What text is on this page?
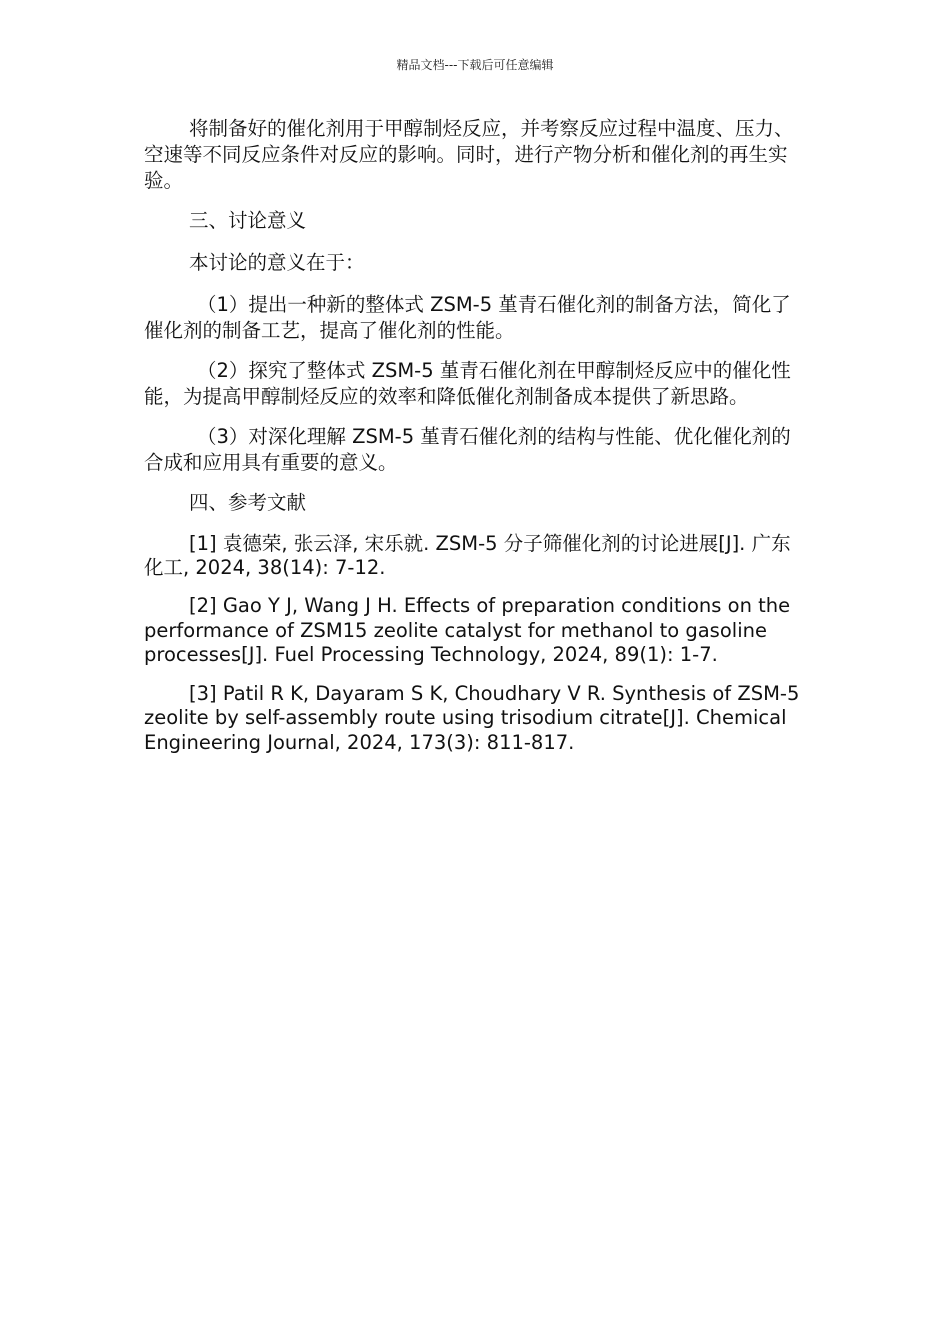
精品文档---下载后可任意编辑

将制备好的催化剂用于甲醇制烃反应，并考察反应过程中温度、压力、空速等不同反应条件对反应的影响。同时，进行产物分析和催化剂的再生实验。

三、讨论意义

本讨论的意义在于：

（1）提出一种新的整体式 ZSM-5 堇青石催化剂的制备方法，简化了催化剂的制备工艺，提高了催化剂的性能。

（2）探究了整体式 ZSM-5 堇青石催化剂在甲醇制烃反应中的催化性能，为提高甲醇制烃反应的效率和降低催化剂制备成本提供了新思路。

（3）对深化理解 ZSM-5 堇青石催化剂的结构与性能、优化催化剂的合成和应用具有重要的意义。

四、参考文献

[1] 袁德荣, 张云泽, 宋乐就. ZSM-5 分子筛催化剂的讨论进展[J]. 广东化工, 2024, 38(14): 7-12.

[2] Gao Y J, Wang J H. Effects of preparation conditions on the performance of ZSM15 zeolite catalyst for methanol to gasoline processes[J]. Fuel Processing Technology, 2024, 89(1): 1-7.

[3] Patil R K, Dayaram S K, Choudhary V R. Synthesis of ZSM-5 zeolite by self-assembly route using trisodium citrate[J]. Chemical Engineering Journal, 2024, 173(3): 811-817.
